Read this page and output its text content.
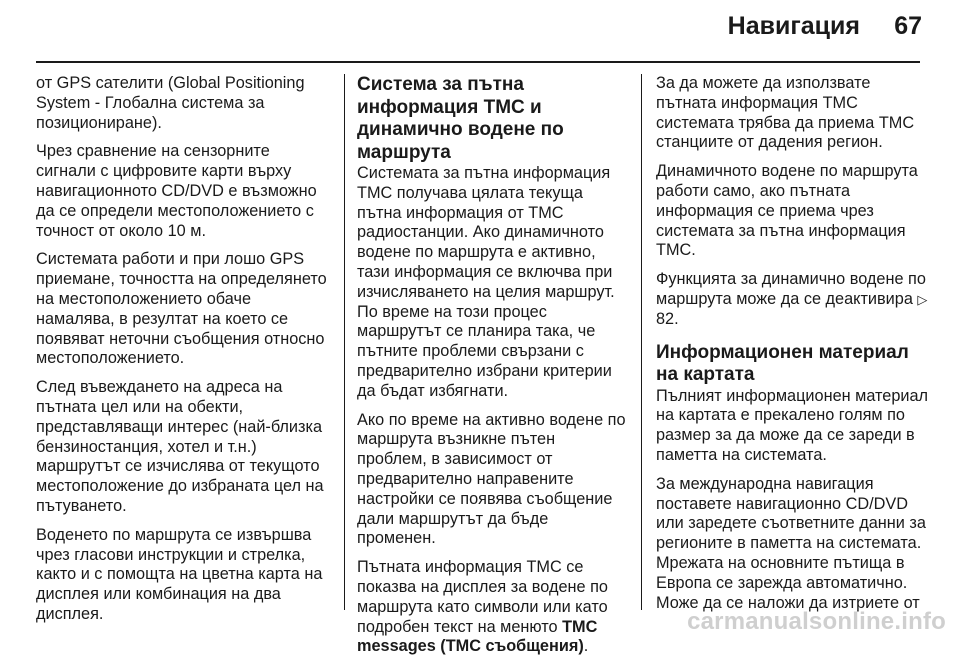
Навигация 67

от GPS сателити (Global Positioning System - Глобална система за позициониране).

Чрез сравнение на сензорните сигнали с цифровите карти върху навигационното CD/DVD е възможно да се определи местоположението с точност от около 10 м.

Системата работи и при лошо GPS приемане, точността на определянето на местоположението обаче намалява, в резултат на което се появяват неточни съобщения относно местоположението.

След въвеждането на адреса на пътната цел или на обекти, представляващи интерес (най-близка бензиностанция, хотел и т.н.) маршрутът се изчислява от текущото местоположение до избраната цел на пътуването.

Воденето по маршрута се извършва чрез гласови инструкции и стрелка, както и с помощта на цветна карта на дисплея или комбинация на два дисплея.

Система за пътна информация TMC и динамично водене по маршрута

Системата за пътна информация TMC получава цялата текуща пътна информация от TMC радиостанции. Ако динамичното водене по маршрута е активно, тази информация се включва при изчисляването на целия маршрут. По време на този процес маршрутът се планира така, че пътните проблеми свързани с предварително избрани критерии да бъдат избягнати.

Ако по време на активно водене по маршрута възникне пътен проблем, в зависимост от предварително направените настройки се появява съобщение дали маршрутът да бъде променен.

Пътната информация TMC се показва на дисплея за водене по маршрута като символи или като подробен текст на менюто TMC messages (TMC съобщения).

За да можете да използвате пътната информация TMC системата трябва да приема TMC станциите от дадения регион.

Динамичното водене по маршрута работи само, ако пътната информация се приема чрез системата за пътна информация TMC.

Функцията за динамично водене по маршрута може да се деактивира ▷ 82.

Информационен материал на картата

Пълният информационен материал на картата е прекалено голям по размер за да може да се зареди в паметта на системата.

За международна навигация поставете навигационно CD/DVD или заредете съответните данни за регионите в паметта на системата. Мрежата на основните пътища в Европа се зарежда автоматично. Може да се наложи да изтриете от

carmanualsonline.info
